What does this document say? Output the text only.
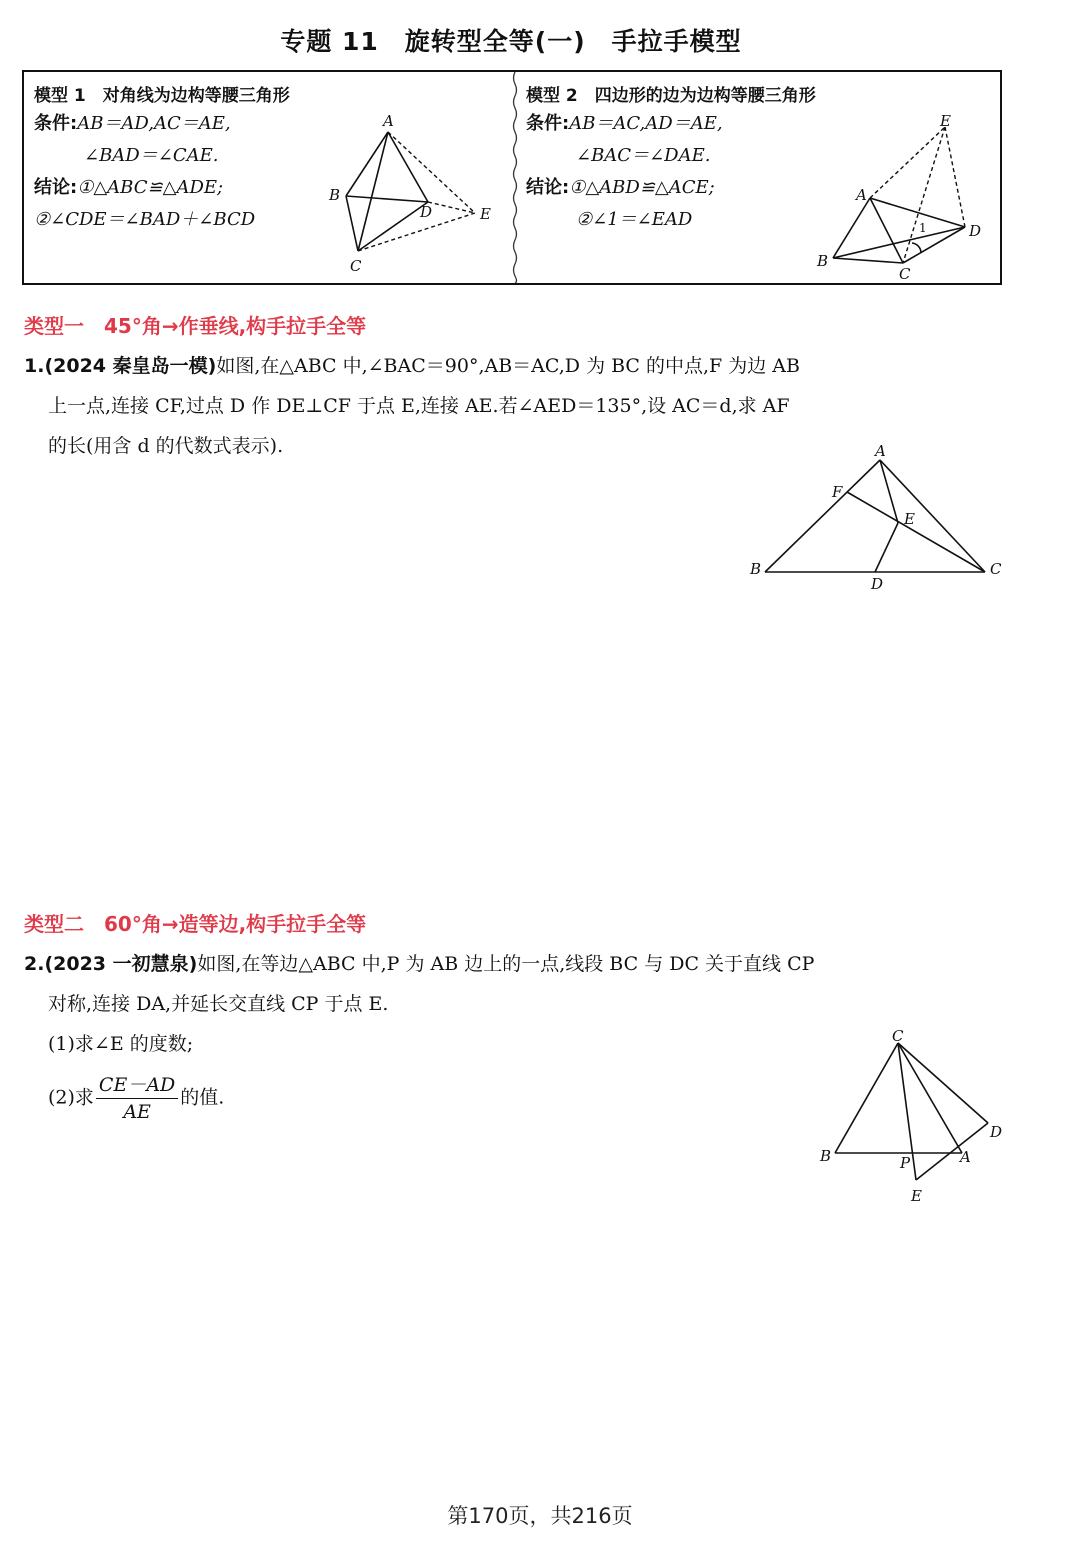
专题 11　旋转型全等(一)　手拉手模型
模型 1　对角线为边构等腰三角形
条件:AB＝AD,AC＝AE,
∠BAD＝∠CAE.
结论:①△ABC≌△ADE;
②∠CDE＝∠BAD＋∠BCD
A
B
C
D	E
模型 2　四边形的边为边构等腰三角形
条件:AB＝AC,AD＝AE,
∠BAC＝∠DAE.
结论:①△ABD≌△ACE;
②∠1＝∠EAD
A
B
C
D
E
1
类型一　45°角→作垂线,构手拉手全等
1.(2024 秦皇岛一模)如图,在△ABC 中,∠BAC＝90°,AB＝AC,D 为 BC 的中点,F 为边 AB
上一点,连接 CF,过点 D 作 DE⊥CF 于点 E,连接 AE.若∠AED＝135°,设 AC＝d,求 AF
的长(用含 d 的代数式表示).	A
B	C
D
E
F
类型二　60°角→造等边,构手拉手全等
2.(2023 一初慧泉)如图,在等边△ABC 中,P 为 AB 边上的一点,线段 BC 与 DC 关于直线 CP
对称,连接 DA,并延长交直线 CP 于点 E.
(1)求∠E 的度数;
(2)求 $\frac{CE-AD}{AE}$ 的值.
C
B	A
D
E
P
第170页，共216页
